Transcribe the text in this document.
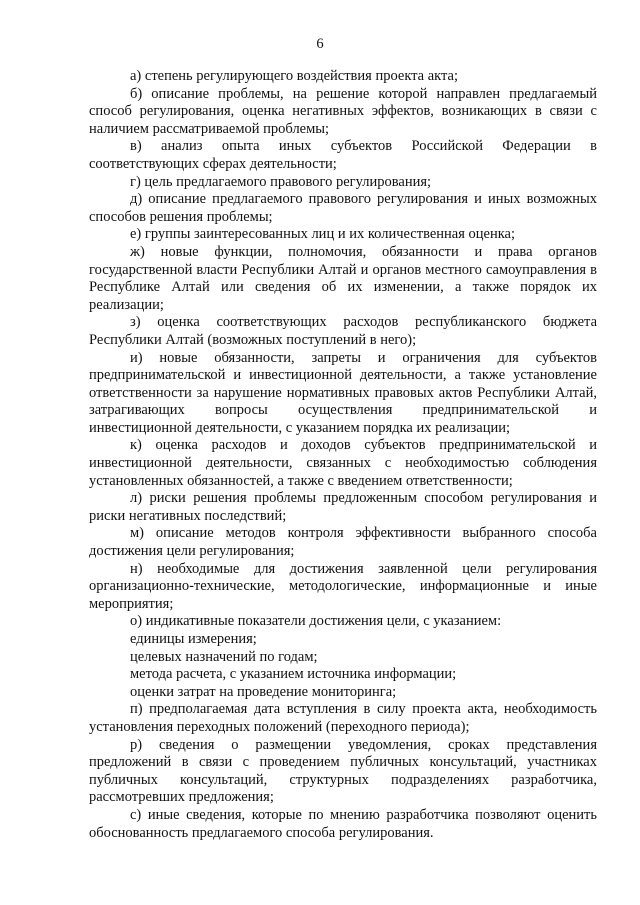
6

а) степень регулирующего воздействия проекта акта;

б) описание проблемы, на решение которой направлен предлагаемый способ регулирования, оценка негативных эффектов, возникающих в связи с наличием рассматриваемой проблемы;

в) анализ опыта иных субъектов Российской Федерации в соответствующих сферах деятельности;

г) цель предлагаемого правового регулирования;

д) описание предлагаемого правового регулирования и иных возможных способов решения проблемы;

е) группы заинтересованных лиц и их количественная оценка;

ж) новые функции, полномочия, обязанности и права органов государственной власти Республики Алтай и органов местного самоуправления в Республике Алтай или сведения об их изменении, а также порядок их реализации;

з) оценка соответствующих расходов республиканского бюджета Республики Алтай (возможных поступлений в него);

и) новые обязанности, запреты и ограничения для субъектов предпринимательской и инвестиционной деятельности, а также установление ответственности за нарушение нормативных правовых актов Республики Алтай, затрагивающих вопросы осуществления предпринимательской и инвестиционной деятельности, с указанием порядка их реализации;

к) оценка расходов и доходов субъектов предпринимательской и инвестиционной деятельности, связанных с необходимостью соблюдения установленных обязанностей, а также с введением ответственности;

л) риски решения проблемы предложенным способом регулирования и риски негативных последствий;

м) описание методов контроля эффективности выбранного способа достижения цели регулирования;

н) необходимые для достижения заявленной цели регулирования организационно-технические, методологические, информационные и иные мероприятия;

о) индикативные показатели достижения цели, с указанием:

единицы измерения;

целевых назначений по годам;

метода расчета, с указанием источника информации;

оценки затрат на проведение мониторинга;

п) предполагаемая дата вступления в силу проекта акта, необходимость установления переходных положений (переходного периода);

р) сведения о размещении уведомления, сроках представления предложений в связи с проведением публичных консультаций, участниках публичных консультаций, структурных подразделениях разработчика, рассмотревших предложения;

с) иные сведения, которые по мнению разработчика позволяют оценить обоснованность предлагаемого способа регулирования.
